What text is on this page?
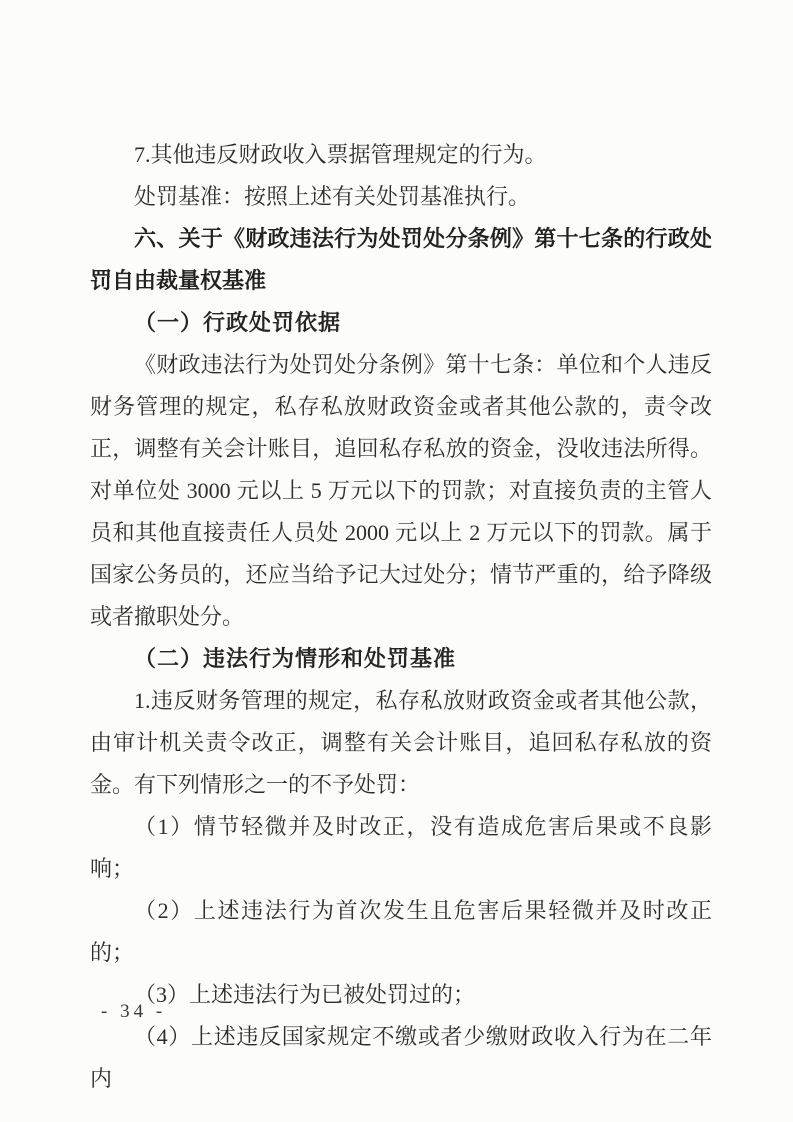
7.其他违反财政收入票据管理规定的行为。

处罚基准：按照上述有关处罚基准执行。

六、关于《财政违法行为处罚处分条例》第十七条的行政处罚自由裁量权基准

（一）行政处罚依据

《财政违法行为处罚处分条例》第十七条：单位和个人违反财务管理的规定，私存私放财政资金或者其他公款的，责令改正，调整有关会计账目，追回私存私放的资金，没收违法所得。对单位处 3000 元以上 5 万元以下的罚款；对直接负责的主管人员和其他直接责任人员处 2000 元以上 2 万元以下的罚款。属于国家公务员的，还应当给予记大过处分；情节严重的，给予降级或者撤职处分。

（二）违法行为情形和处罚基准

1.违反财务管理的规定，私存私放财政资金或者其他公款，由审计机关责令改正，调整有关会计账目，追回私存私放的资金。有下列情形之一的不予处罚：

（1）情节轻微并及时改正，没有造成危害后果或不良影响；

（2）上述违法行为首次发生且危害后果轻微并及时改正的；

（3）上述违法行为已被处罚过的；

（4）上述违反国家规定不缴或者少缴财政收入行为在二年内

- 34 -
